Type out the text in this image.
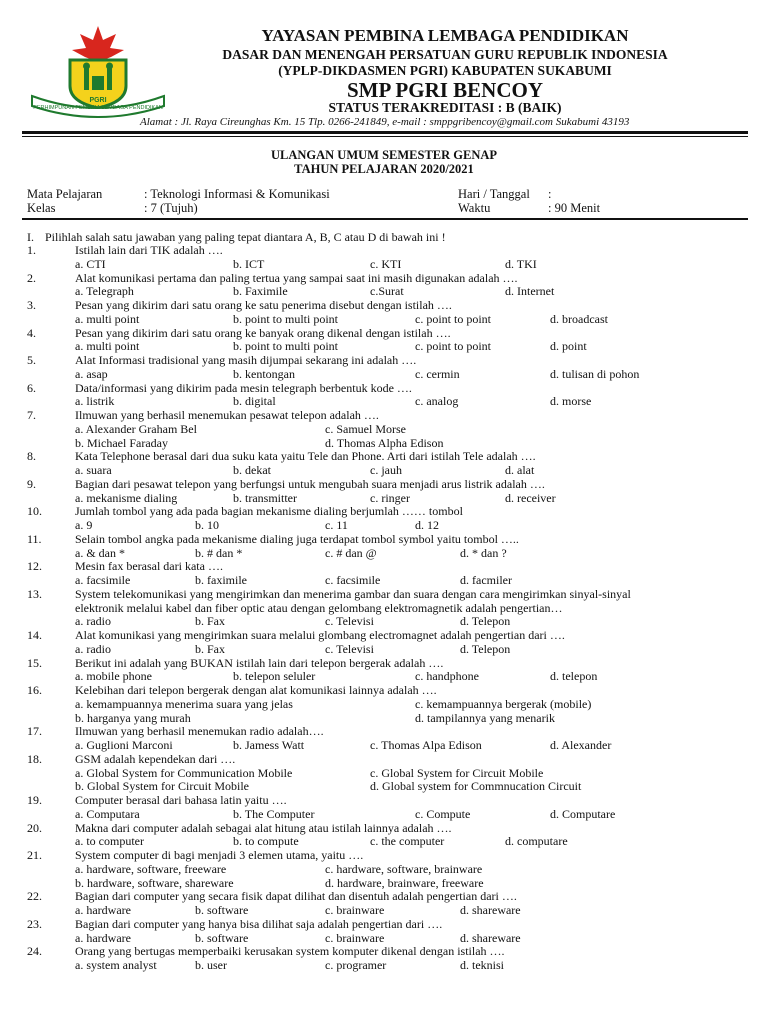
PGRI
PERHIMPUNAN PEMBINA LEMBAGA PENDIDIKAN
YAYASAN PEMBINA LEMBAGA PENDIDIKAN
DASAR DAN MENENGAH PERSATUAN GURU REPUBLIK INDONESIA
(YPLP-DIKDASMEN PGRI) KABUPATEN SUKABUMI
SMP PGRI BENCOY
STATUS TERAKREDITASI : B (BAIK)
Alamat : Jl. Raya Cireunghas Km. 15 Tlp. 0266-241849, e-mail : smppgribencoy@gmail.com Sukabumi 43193
ULANGAN UMUM SEMESTER GENAP
TAHUN PELAJARAN 2020/2021
Mata Pelajaran	: Teknologi Informasi & Komunikasi
Kelas	: 7 (Tujuh)
Hari / Tanggal :
Waktu	: 90 Menit
I. Pilihlah salah satu jawaban yang paling tepat diantara A, B, C atau D di bawah ini !
1.	Istilah lain dari TIK adalah ….
a. CTI	b. ICT	c. KTI	d. TKI
2.	Alat komunikasi pertama dan paling tertua yang sampai saat ini masih digunakan adalah ….
a. Telegraph	b. Faximile	c.Surat	d. Internet
3.	Pesan yang dikirim dari satu orang ke satu penerima disebut dengan istilah ….
a. multi point	b. point to multi point	c. point to point	d. broadcast
4.	Pesan yang dikirim dari satu orang ke banyak orang dikenal dengan istilah ….
a. multi point	b. point to multi point	c. point to point	d. point
5.	Alat Informasi tradisional yang masih dijumpai sekarang ini adalah ….
a. asap	b. kentongan	c. cermin	d. tulisan di pohon
6.	Data/informasi yang dikirim pada mesin telegraph berbentuk kode ….
a. listrik	b. digital	c. analog	d. morse
7.	Ilmuwan yang berhasil menemukan pesawat telepon adalah ….
a. Alexander Graham Bel	c. Samuel Morse
b. Michael Faraday	d. Thomas Alpha Edison
8.	Kata Telephone berasal dari dua suku kata yaitu Tele dan Phone. Arti dari istilah Tele adalah ….
a. suara	b. dekat	c. jauh	d. alat
9.	Bagian dari pesawat telepon yang berfungsi untuk mengubah suara menjadi arus listrik adalah ….
a. mekanisme dialing	b. transmitter	c. ringer	d. receiver
10.	Jumlah tombol yang ada pada bagian mekanisme dialing berjumlah …… tombol
a. 9	b. 10	c. 11	d. 12
11.	Selain tombol angka pada mekanisme dialing juga terdapat tombol symbol yaitu tombol …..
a. & dan *	b. # dan *	c. # dan @	d. * dan ?
12.	Mesin fax berasal dari kata ….
a. facsimile	b. faximile	c. facsimile	d. facmiler
13.	System telekomunikasi yang mengirimkan dan menerima gambar dan suara dengan cara mengirimkan sinyal-sinyal
elektronik melalui kabel dan fiber optic atau dengan gelombang elektromagnetik adalah pengertian…
a. radio	b. Fax	c. Televisi	d. Telepon
14.	Alat komunikasi yang mengirimkan suara melalui glombang electromagnet adalah pengertian dari ….
a. radio	b. Fax	c. Televisi	d. Telepon
15.	Berikut ini adalah yang BUKAN istilah lain dari telepon bergerak adalah ….
a. mobile phone	b. telepon seluler	c. handphone	d. telepon
16.	Kelebihan dari telepon bergerak dengan alat komunikasi lainnya adalah ….
a. kemampuannya menerima suara yang jelas	c. kemampuannya bergerak (mobile)
b. harganya yang murah	d. tampilannya yang menarik
17.	Ilmuwan yang berhasil menemukan radio adalah….
a. Guglioni Marconi	b. Jamess Watt	c. Thomas Alpa Edison	d. Alexander
18.	GSM adalah kependekan dari ….
a. Global System for Communication Mobile	c. Global System for Circuit Mobile
b. Global System for Circuit Mobile	d. Global system for Commnucation Circuit
19.	Computer berasal dari bahasa latin yaitu ….
a. Computara	b. The Computer	c. Compute	d. Computare
20.	Makna dari computer adalah sebagai alat hitung atau istilah lainnya adalah ….
a. to computer	b. to compute	c. the computer	d. computare
21.	System computer di bagi menjadi 3 elemen utama, yaitu ….
a. hardware, software, freeware	c. hardware, software, brainware
b. hardware, software, shareware	d. hardware, brainware, freeware
22.	Bagian dari computer yang secara fisik dapat dilihat dan disentuh adalah pengertian dari ….
a. hardware	b. software	c. brainware	d. shareware
23.	Bagian dari computer yang hanya bisa dilihat saja adalah pengertian dari ….
a. hardware	b. software	c. brainware	d. shareware
24.	Orang yang bertugas memperbaiki kerusakan system komputer dikenal dengan istilah ….
a. system analyst	b. user	c. programer	d. teknisi
